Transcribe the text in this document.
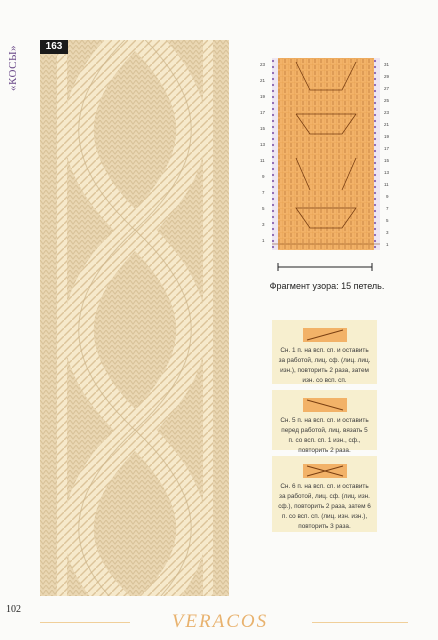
«КОСЫ»	163
23
21
19
17
15
13
11
9
7
5
3
1
31
29
27
25
23
21
19
17
15
13
11
9
7
5
3
1
Фрагмент узора: 15 петель.

Сн. 1 п. на всп. сп. и оставить за работой, лиц. сф. (лиц. лиц. изн.), повторить 2 раза, затем изн. со всп. сп.

Сн. 5 п. на всп. сп. и оставить перед работой, лиц. вязать 5 п. со всп. сп. 1 изн., сф., повторить 2 раза.

Сн. 6 п. на всп. сп. и оставить за работой, лиц. сф. (лиц. изн. сф.), повторить 2 раза, затем 6 п. со всп. сп. (лиц. изн. изн.), повторить 3 раза.

102
VERACOS
